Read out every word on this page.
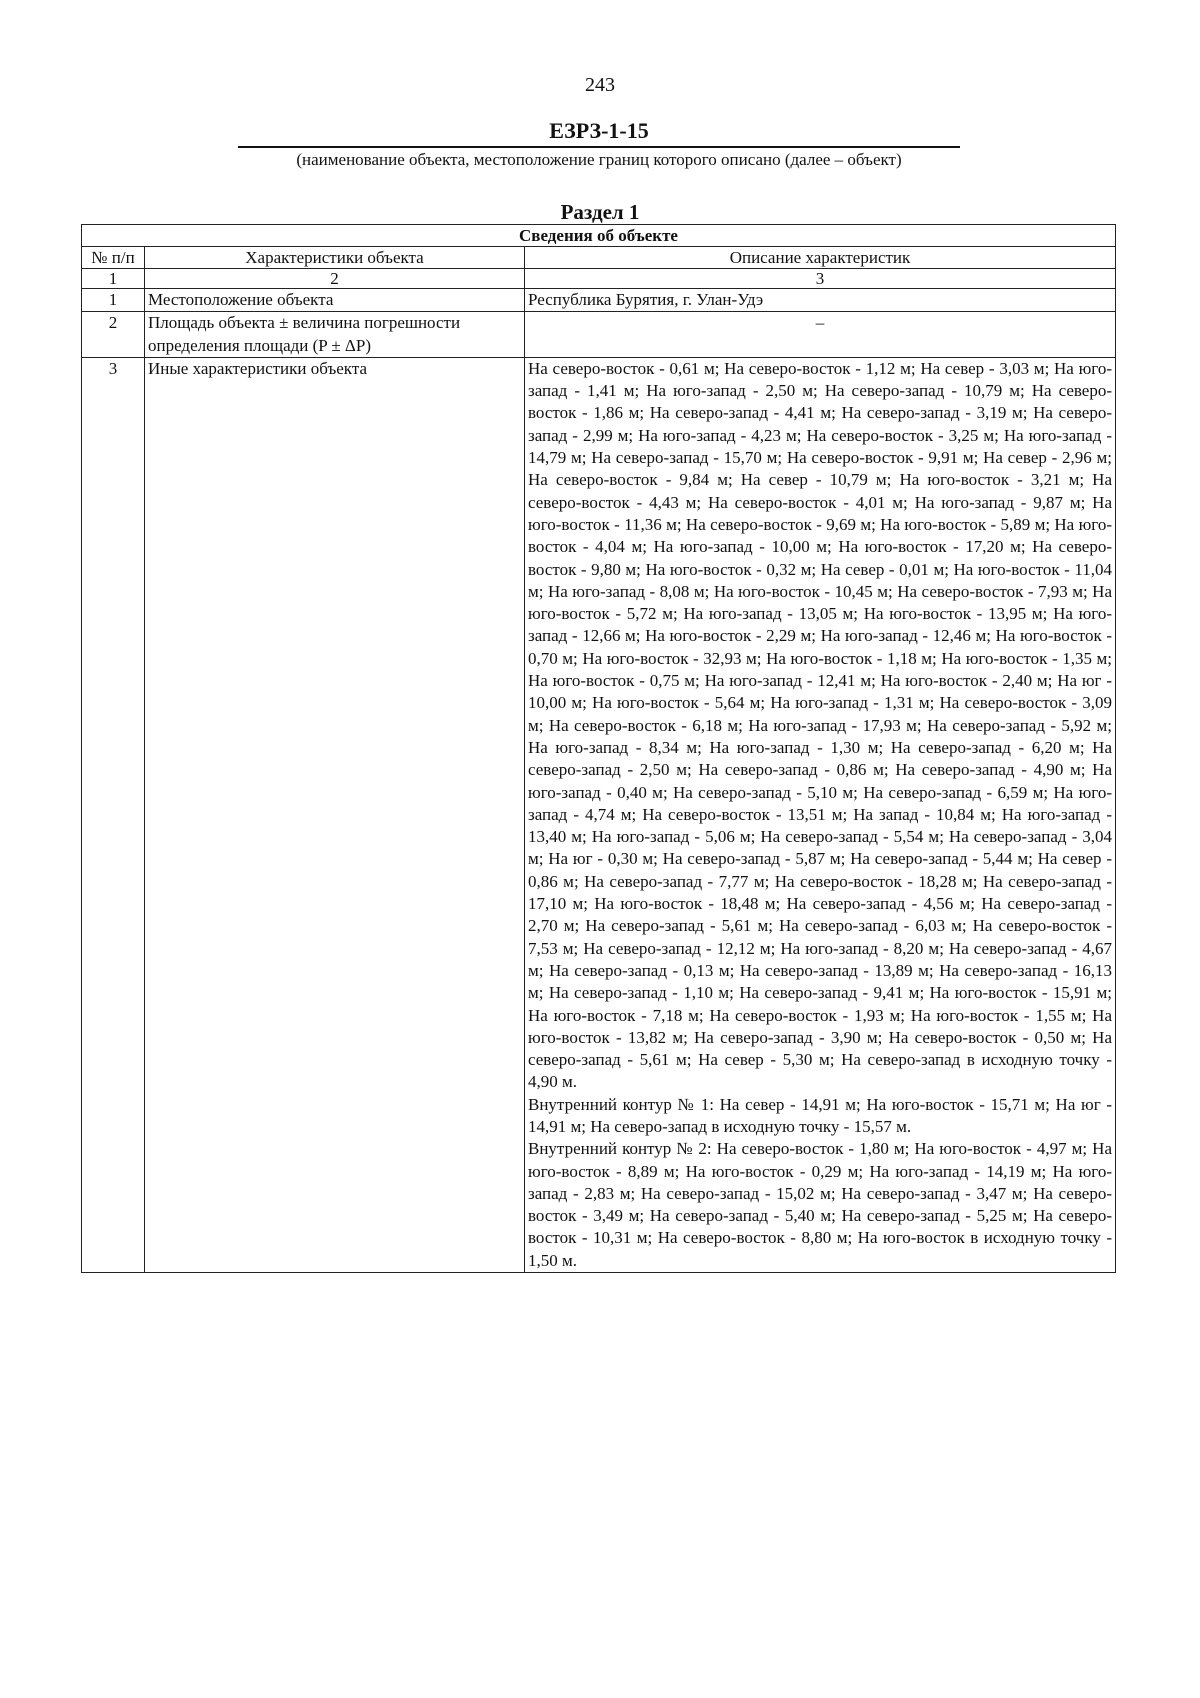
243
ЕЗРЗ-1-15
(наименование объекта, местоположение границ которого описано (далее – объект)
Раздел 1
Сведения об объекте		
№ п/п	Характеристики объекта	Описание характеристик
1	2	3
1	Местоположение объекта	Республика Бурятия, г. Улан-Удэ
2	Площадь объекта ± величина погрешности определения площади (P ± ΔP)	–
3	Иные характеристики объекта	На северо-восток - 0,61 м; На северо-восток - 1,12 м; На север - 3,03 м; На юго-запад - 1,41 м; На юго-запад - 2,50 м; На северо-запад - 10,79 м; На северо-восток - 1,86 м; На северо-запад - 4,41 м; На северо-запад - 3,19 м; На северо-запад - 2,99 м; На юго-запад - 4,23 м; На северо-восток - 3,25 м; На юго-запад - 14,79 м; На северо-запад - 15,70 м; На северо-восток - 9,91 м; На север - 2,96 м; На северо-восток - 9,84 м; На север - 10,79 м; На юго-восток - 3,21 м; На северо-восток - 4,43 м; На северо-восток - 4,01 м; На юго-запад - 9,87 м; На юго-восток - 11,36 м; На северо-восток - 9,69 м; На юго-восток - 5,89 м; На юго-восток - 4,04 м; На юго-запад - 10,00 м; На юго-восток - 17,20 м; На северо-восток - 9,80 м; На юго-восток - 0,32 м; На север - 0,01 м; На юго-восток - 11,04 м; На юго-запад - 8,08 м; На юго-восток - 10,45 м; На северо-восток - 7,93 м; На юго-восток - 5,72 м; На юго-запад - 13,05 м; На юго-восток - 13,95 м; На юго-запад - 12,66 м; На юго-восток - 2,29 м; На юго-запад - 12,46 м; На юго-восток - 0,70 м; На юго-восток - 32,93 м; На юго-восток - 1,18 м; На юго-восток - 1,35 м; На юго-восток - 0,75 м; На юго-запад - 12,41 м; На юго-восток - 2,40 м; На юг - 10,00 м; На юго-восток - 5,64 м; На юго-запад - 1,31 м; На северо-восток - 3,09 м; На северо-восток - 6,18 м; На юго-запад - 17,93 м; На северо-запад - 5,92 м; На юго-запад - 8,34 м; На юго-запад - 1,30 м; На северо-запад - 6,20 м; На северо-запад - 2,50 м; На северо-запад - 0,86 м; На северо-запад - 4,90 м; На юго-запад - 0,40 м; На северо-запад - 5,10 м; На северо-запад - 6,59 м; На юго-запад - 4,74 м; На северо-восток - 13,51 м; На запад - 10,84 м; На юго-запад - 13,40 м; На юго-запад - 5,06 м; На северо-запад - 5,54 м; На северо-запад - 3,04 м; На юг - 0,30 м; На северо-запад - 5,87 м; На северо-запад - 5,44 м; На север - 0,86 м; На северо-запад - 7,77 м; На северо-восток - 18,28 м; На северо-запад - 17,10 м; На юго-восток - 18,48 м; На северо-запад - 4,56 м; На северо-запад - 2,70 м; На северо-запад - 5,61 м; На северо-запад - 6,03 м; На северо-восток - 7,53 м; На северо-запад - 12,12 м; На юго-запад - 8,20 м; На северо-запад - 4,67 м; На северо-запад - 0,13 м; На северо-запад - 13,89 м; На северо-запад - 16,13 м; На северо-запад - 1,10 м; На северо-запад - 9,41 м; На юго-восток - 15,91 м; На юго-восток - 7,18 м; На северо-восток - 1,93 м; На юго-восток - 1,55 м; На юго-восток - 13,82 м; На северо-запад - 3,90 м; На северо-восток - 0,50 м; На северо-запад - 5,61 м; На север - 5,30 м; На северо-запад в исходную точку - 4,90 м.

Внутренний контур № 1: На север - 14,91 м; На юго-восток - 15,71 м; На юг - 14,91 м; На северо-запад в исходную точку - 15,57 м.

Внутренний контур № 2: На северо-восток - 1,80 м; На юго-восток - 4,97 м; На юго-восток - 8,89 м; На юго-восток - 0,29 м; На юго-запад - 14,19 м; На юго-запад - 2,83 м; На северо-запад - 15,02 м; На северо-запад - 3,47 м; На северо-восток - 3,49 м; На северо-запад - 5,40 м; На северо-запад - 5,25 м; На северо-восток - 10,31 м; На северо-восток - 8,80 м; На юго-восток в исходную точку - 1,50 м.
